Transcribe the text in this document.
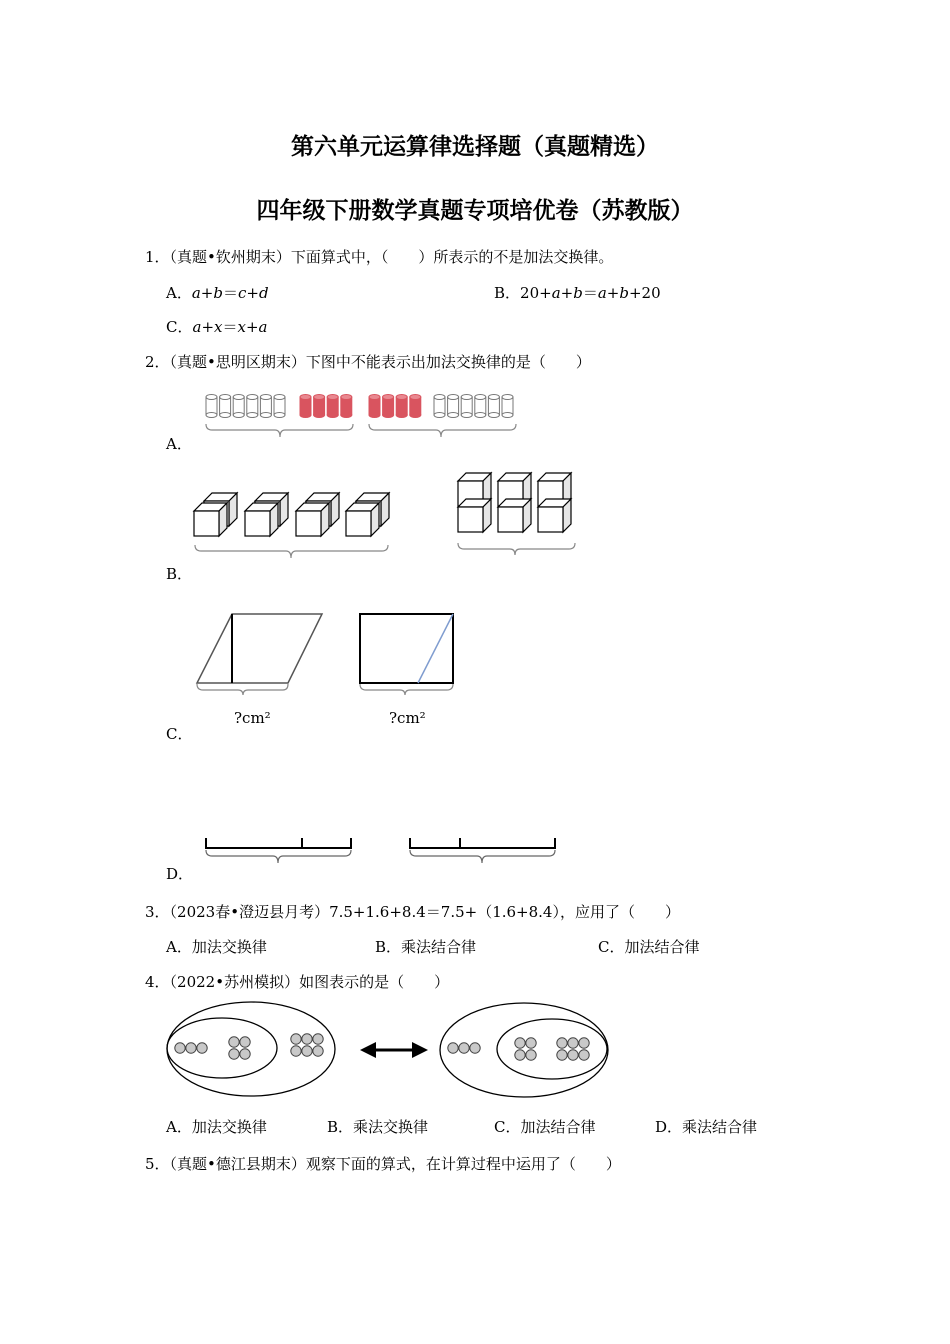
第六单元运算律选择题（真题精选）
四年级下册数学真题专项培优卷（苏教版）
1．（真题•钦州期末）下面算式中，（　　）所表示的不是加法交换律。
A．a+b＝c+d	B．20+a+b＝a+b+20
C．a+x＝x+a
2．（真题•思明区期末）下图中不能表示出加法交换律的是（　　）
A．
B．
?cm²	?cm²
C．
D．
3．（2023春•澄迈县月考）7.5+1.6+8.4＝7.5+（1.6+8.4），应用了（　　）
A．加法交换律	B．乘法结合律	C．加法结合律
4．（2022•苏州模拟）如图表示的是（　　）
A．加法交换律	B．乘法交换律	C．加法结合律	D．乘法结合律
5．（真题•德江县期末）观察下面的算式，在计算过程中运用了（　　）
